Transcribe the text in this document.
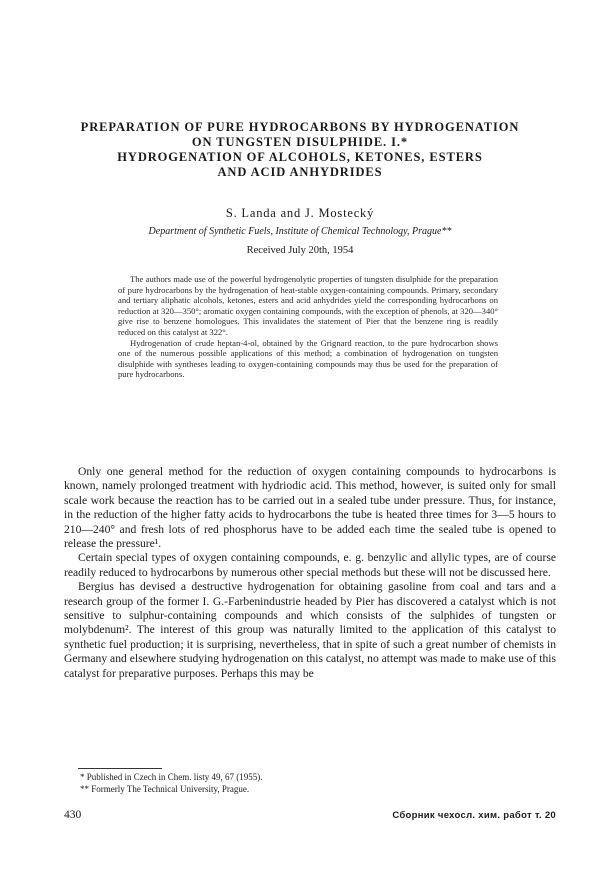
PREPARATION OF PURE HYDROCARBONS BY HYDROGENATION

ON TUNGSTEN DISULPHIDE. I.*

HYDROGENATION OF ALCOHOLS, KETONES, ESTERS

AND ACID ANHYDRIDES

S. Landa and J. Mostecký
Department of Synthetic Fuels, Institute of Chemical Technology, Prague**
Received July 20th, 1954

The authors made use of the powerful hydrogenolytic properties of tungsten disulphide for the preparation of pure hydrocarbons by the hydrogenation of heat-stable oxygen-containing compounds. Primary, secondary and tertiary aliphatic alcohols, ketones, esters and acid anhydrides yield the corresponding hydrocarbons on reduction at 320—350°; aromatic oxygen containing compounds, with the exception of phenols, at 320—340° give rise to benzene homologues. This invalidates the statement of Pier that the benzene ring is readily reduced on this catalyst at 322°.

Hydrogenation of crude heptan-4-ol, obtained by the Grignard reaction, to the pure hydrocarbon shows one of the numerous possible applications of this method; a combination of hydrogenation on tungsten disulphide with syntheses leading to oxygen-containing compounds may thus be used for the preparation of pure hydrocarbons.

Only one general method for the reduction of oxygen containing compounds to hydrocarbons is known, namely prolonged treatment with hydriodic acid. This method, however, is suited only for small scale work because the reaction has to be carried out in a sealed tube under pressure. Thus, for instance, in the reduction of the higher fatty acids to hydrocarbons the tube is heated three times for 3—5 hours to 210—240° and fresh lots of red phosphorus have to be added each time the sealed tube is opened to release the pressure¹.

Certain special types of oxygen containing compounds, e. g. benzylic and allylic types, are of course readily reduced to hydrocarbons by numerous other special methods but these will not be discussed here.

Bergius has devised a destructive hydrogenation for obtaining gasoline from coal and tars and a research group of the former I. G.-Farbenindustrie headed by Pier has discovered a catalyst which is not sensitive to sulphur-containing compounds and which consists of the sulphides of tungsten or molybdenum². The interest of this group was naturally limited to the application of this catalyst to synthetic fuel production; it is surprising, nevertheless, that in spite of such a great number of chemists in Germany and elsewhere studying hydrogenation on this catalyst, no attempt was made to make use of this catalyst for preparative purposes. Perhaps this may be

* Published in Czech in Chem. listy 49, 67 (1955).
** Formerly The Technical University, Prague.
430	Сборник чехосл. хим. работ т. 20
